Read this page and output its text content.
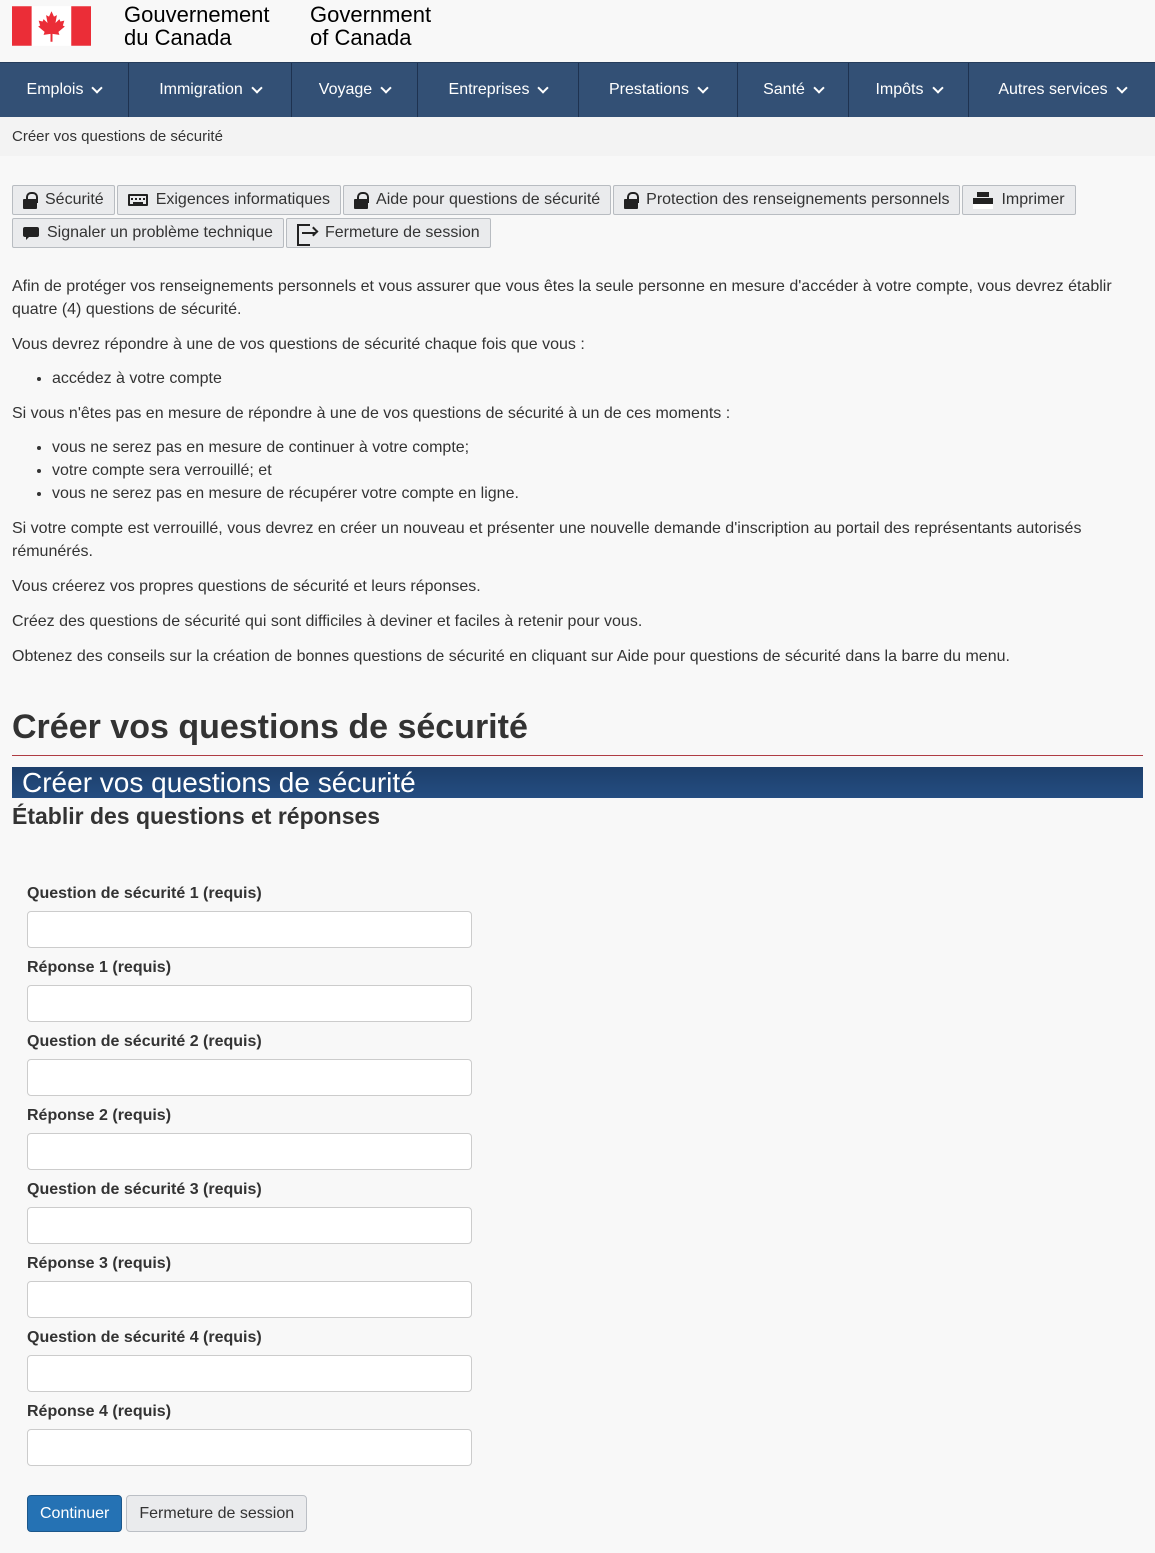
Gouvernement
du Canada
Government
of Canada
Emplois	Immigration	Voyage	Entreprises	Prestations	Santé	Impôts	Autres services
Créer vos questions de sécurité
Sécurité	Exigences informatiques	Aide pour questions de sécurité	Protection des renseignements personnels	Imprimer
Signaler un problème technique	Fermeture de session

Afin de protéger vos renseignements personnels et vous assurer que vous êtes la seule personne en mesure d'accéder à votre compte, vous devrez établir quatre (4) questions de sécurité.

Vous devrez répondre à une de vos questions de sécurité chaque fois que vous :

• accédez à votre compte

Si vous n'êtes pas en mesure de répondre à une de vos questions de sécurité à un de ces moments :

• vous ne serez pas en mesure de continuer à votre compte;
• votre compte sera verrouillé; et
• vous ne serez pas en mesure de récupérer votre compte en ligne.

Si votre compte est verrouillé, vous devrez en créer un nouveau et présenter une nouvelle demande d'inscription au portail des représentants autorisés rémunérés.

Vous créerez vos propres questions de sécurité et leurs réponses.

Créez des questions de sécurité qui sont difficiles à deviner et faciles à retenir pour vous.

Obtenez des conseils sur la création de bonnes questions de sécurité en cliquant sur Aide pour questions de sécurité dans la barre du menu.

Créer vos questions de sécurité
Créer vos questions de sécurité
Établir des questions et réponses
Question de sécurité 1 (requis)
Réponse 1 (requis)
Question de sécurité 2 (requis)
Réponse 2 (requis)
Question de sécurité 3 (requis)
Réponse 3 (requis)
Question de sécurité 4 (requis)
Réponse 4 (requis)
Continuer	Fermeture de session
